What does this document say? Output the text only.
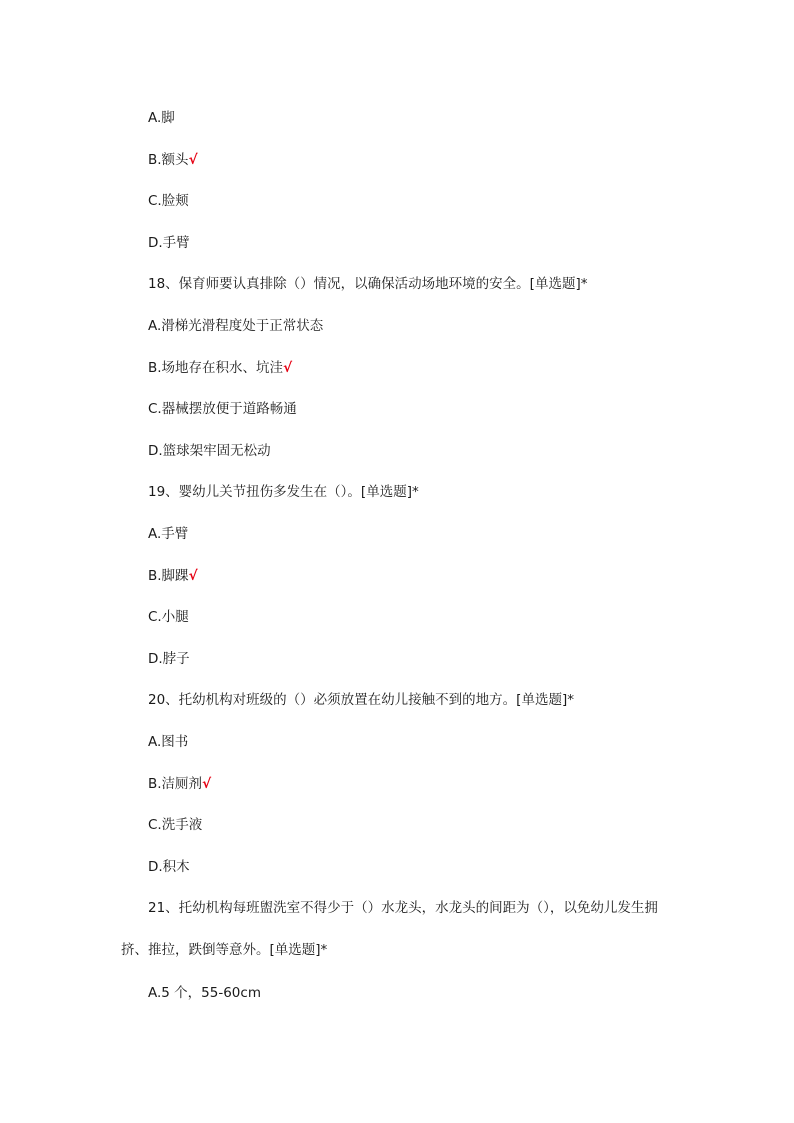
A.脚
B.额头√
C.脸颊
D.手臂
18、保育师要认真排除（）情况，以确保活动场地环境的安全。[单选题]*
A.滑梯光滑程度处于正常状态
B.场地存在积水、坑洼√
C.器械摆放便于道路畅通
D.篮球架牢固无松动
19、婴幼儿关节扭伤多发生在（）。[单选题]*
A.手臂
B.脚踝√
C.小腿
D.脖子
20、托幼机构对班级的（）必须放置在幼儿接触不到的地方。[单选题]*
A.图书
B.洁厕剂√
C.洗手液
D.积木
21、托幼机构每班盥洗室不得少于（）水龙头，水龙头的间距为（），以免幼儿发生拥
挤、推拉，跌倒等意外。[单选题]*
A.5 个，55-60cm
